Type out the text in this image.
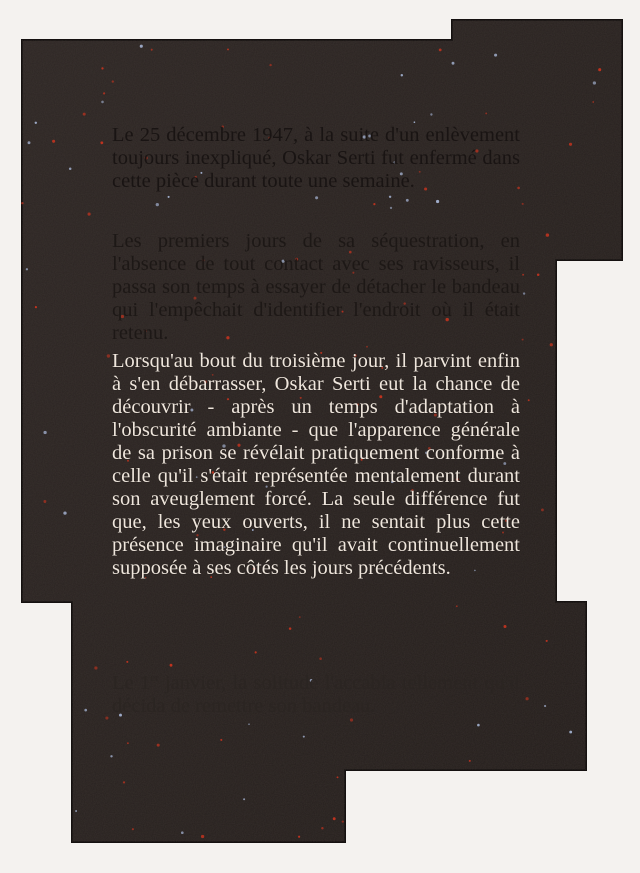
Le 25 décembre 1947, à la suite d'un enlèvement toujours inexpliqué, Oskar Serti fut enfermé dans cette pièce durant toute une semaine.

Les premiers jours de sa séquestration, en l'absence de tout contact avec ses ravisseurs, il passa son temps à essayer de détacher le bandeau qui l'empêchait d'identifier l'endroit où il était retenu.

Lorsqu'au bout du troisième jour, il parvint enfin à s'en débarrasser, Oskar Serti eut la chance de découvrir - après un temps d'adaptation à l'obscurité ambiante - que l'apparence générale de sa prison se révélait pratiquement conforme à celle qu'il s'était représentée mentalement durant son aveuglement forcé. La seule différence fut que, les yeux ouverts, il ne sentait plus cette présence imaginaire qu'il avait continuellement supposée à ses côtés les jours précédents.

Le 1er janvier, la solitude l'accabla tellement qu'il décida de remettre son bandeau.
